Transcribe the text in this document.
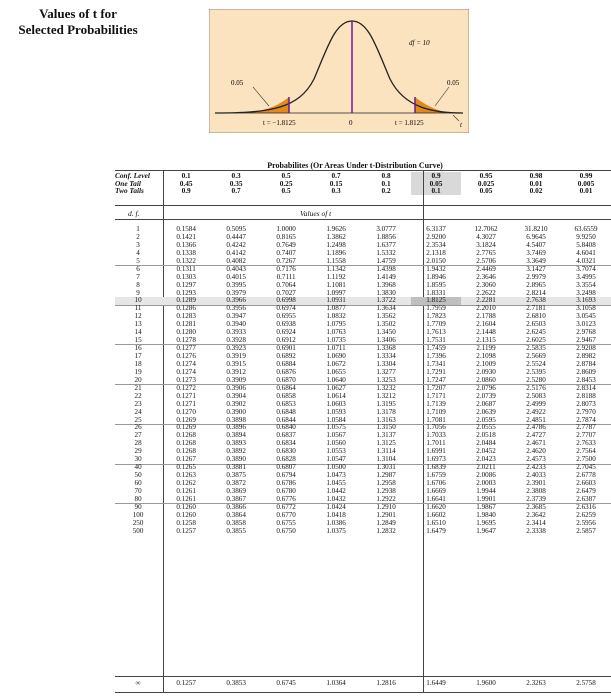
Values of t for
Selected Probabilities
df = 10
0.05	0.05
t = −1.8125	0	t = 1.8125	t
Probabilites (Or Areas Under t-Distribution Curve)
Conf. Level	0.1	0.3	0.5	0.7	0.8	0.9	0.95	0.98	0.99
One Tail	0.45	0.35	0.25	0.15	0.1	0.05	0.025	0.01	0.005
Two Tails	0.9	0.7	0.5	0.3	0.2	0.1	0.05	0.02	0.01
d. f.	Values of t
1	0.1584	0.5095	1.0000	1.9626	3.0777	6.3137	12.7062	31.8210	63.6559
2	0.1421	0.4447	0.8165	1.3862	1.8856	2.9200	4.3027	6.9645	9.9250
3	0.1366	0.4242	0.7649	1.2498	1.6377	2.3534	3.1824	4.5407	5.8408
4	0.1338	0.4142	0.7407	1.1896	1.5332	2.1318	2.7765	3.7469	4.6041
5	0.1322	0.4082	0.7267	1.1558	1.4759	2.0150	2.5706	3.3649	4.0321
6	0.1311	0.4043	0.7176	1.1342	1.4398	1.9432	2.4469	3.1427	3.7074
7	0.1303	0.4015	0.7111	1.1192	1.4149	1.8946	2.3646	2.9979	3.4995
8	0.1297	0.3995	0.7064	1.1081	1.3968	1.8595	2.3060	2.8965	3.3554
9	0.1293	0.3979	0.7027	1.0997	1.3830	1.8331	2.2622	2.8214	3.2498
10	0.1289	0.3966	0.6998	1.0931	1.3722	1.8125	2.2281	2.7638	3.1693
11	0.1286	0.3956	0.6974	1.0877	1.3634	1.7959	2.2010	2.7181	3.1058
12	0.1283	0.3947	0.6955	1.0832	1.3562	1.7823	2.1788	2.6810	3.0545
13	0.1281	0.3940	0.6938	1.0795	1.3502	1.7709	2.1604	2.6503	3.0123
14	0.1280	0.3933	0.6924	1.0763	1.3450	1.7613	2.1448	2.6245	2.9768
15	0.1278	0.3928	0.6912	1.0735	1.3406	1.7531	2.1315	2.6025	2.9467
16	0.1277	0.3923	0.6901	1.0711	1.3368	1.7459	2.1199	2.5835	2.9208
17	0.1276	0.3919	0.6892	1.0690	1.3334	1.7396	2.1098	2.5669	2.8982
18	0.1274	0.3915	0.6884	1.0672	1.3304	1.7341	2.1009	2.5524	2.8784
19	0.1274	0.3912	0.6876	1.0655	1.3277	1.7291	2.0930	2.5395	2.8609
20	0.1273	0.3909	0.6870	1.0640	1.3253	1.7247	2.0860	2.5280	2.8453
21	0.1272	0.3906	0.6864	1.0627	1.3232	1.7207	2.0796	2.5176	2.8314
22	0.1271	0.3904	0.6858	1.0614	1.3212	1.7171	2.0739	2.5083	2.8188
23	0.1271	0.3902	0.6853	1.0603	1.3195	1.7139	2.0687	2.4999	2.8073
24	0.1270	0.3900	0.6848	1.0593	1.3178	1.7109	2.0639	2.4922	2.7970
25	0.1269	0.3898	0.6844	1.0584	1.3163	1.7081	2.0595	2.4851	2.7874
26	0.1269	0.3896	0.6840	1.0575	1.3150	1.7056	2.0555	2.4786	2.7787
27	0.1268	0.3894	0.6837	1.0567	1.3137	1.7033	2.0518	2.4727	2.7707
28	0.1268	0.3893	0.6834	1.0560	1.3125	1.7011	2.0484	2.4671	2.7633
29	0.1268	0.3892	0.6830	1.0553	1.3114	1.6991	2.0452	2.4620	2.7564
30	0.1267	0.3890	0.6828	1.0547	1.3104	1.6973	2.0423	2.4573	2.7500
40	0.1265	0.3881	0.6807	1.0500	1.3031	1.6839	2.0211	2.4233	2.7045
50	0.1263	0.3875	0.6794	1.0473	1.2987	1.6759	2.0086	2.4033	2.6778
60	0.1262	0.3872	0.6786	1.0455	1.2958	1.6706	2.0003	2.3901	2.6603
70	0.1261	0.3869	0.6780	1.0442	1.2938	1.6669	1.9944	2.3808	2.6479
80	0.1261	0.3867	0.6776	1.0432	1.2922	1.6641	1.9901	2.3739	2.6387
90	0.1260	0.3866	0.6772	1.0424	1.2910	1.6620	1.9867	2.3685	2.6316
100	0.1260	0.3864	0.6770	1.0418	1.2901	1.6602	1.9840	2.3642	2.6259
250	0.1258	0.3858	0.6755	1.0386	1.2849	1.6510	1.9695	2.3414	2.5956
500	0.1257	0.3855	0.6750	1.0375	1.2832	1.6479	1.9647	2.3338	2.5857
∞	0.1257	0.3853	0.6745	1.0364	1.2816	1.6449	1.9600	2.3263	2.5758
